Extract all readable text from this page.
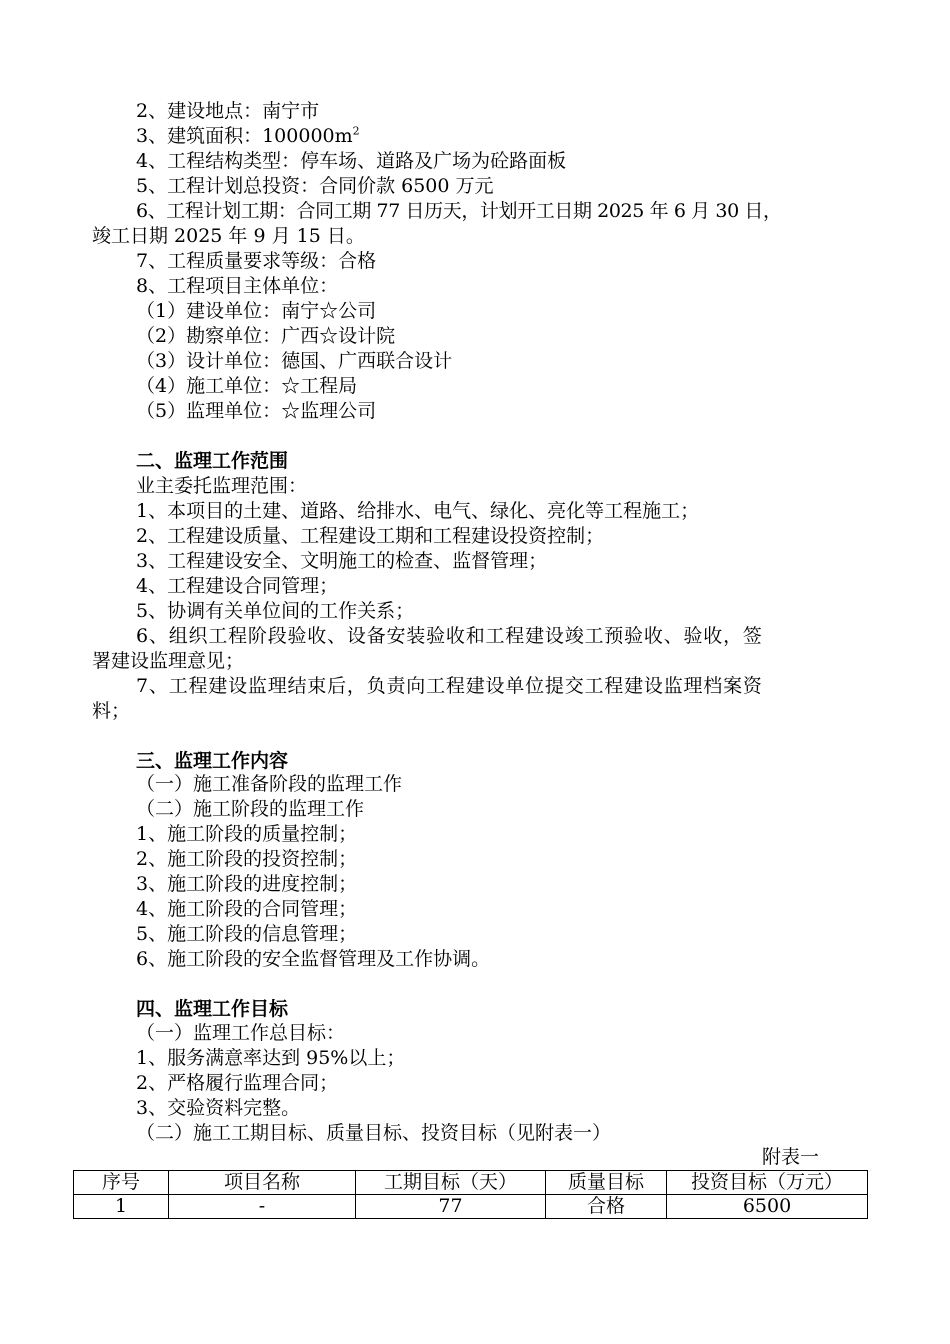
2、建设地点：南宁市

3、建筑面积：$100000m^2$

4、工程结构类型：停车场、道路及广场为砼路面板

5、工程计划总投资：合同价款 6500 万元

6、工程计划工期：合同工期 77 日历天，计划开工日期 2025 年 6 月 30 日，

竣工日期 2025 年 9 月 15 日。

7、工程质量要求等级：合格

8、工程项目主体单位：

（1）建设单位：南宁☆公司

（2）勘察单位：广西☆设计院

（3）设计单位：德国、广西联合设计

（4）施工单位：☆工程局

（5）监理单位：☆监理公司

二、监理工作范围

业主委托监理范围：

1、本项目的土建、道路、给排水、电气、绿化、亮化等工程施工；

2、工程建设质量、工程建设工期和工程建设投资控制；

3、工程建设安全、文明施工的检查、监督管理；

4、工程建设合同管理；

5、协调有关单位间的工作关系；

6、组织工程阶段验收、设备安装验收和工程建设竣工预验收、验收，签

署建设监理意见；

7、工程建设监理结束后，负责向工程建设单位提交工程建设监理档案资

料；

三、监理工作内容

（一）施工准备阶段的监理工作

（二）施工阶段的监理工作

1、施工阶段的质量控制；

2、施工阶段的投资控制；

3、施工阶段的进度控制；

4、施工阶段的合同管理；

5、施工阶段的信息管理；

6、施工阶段的安全监督管理及工作协调。

四、监理工作目标

（一）监理工作总目标：

1、服务满意率达到 95%以上；

2、严格履行监理合同；

3、交验资料完整。

（二）施工工期目标、质量目标、投资目标（见附表一）

附表一

序号	项目名称	工期目标（天）	质量目标	投资目标（万元）
1	-	77	合格	6500
